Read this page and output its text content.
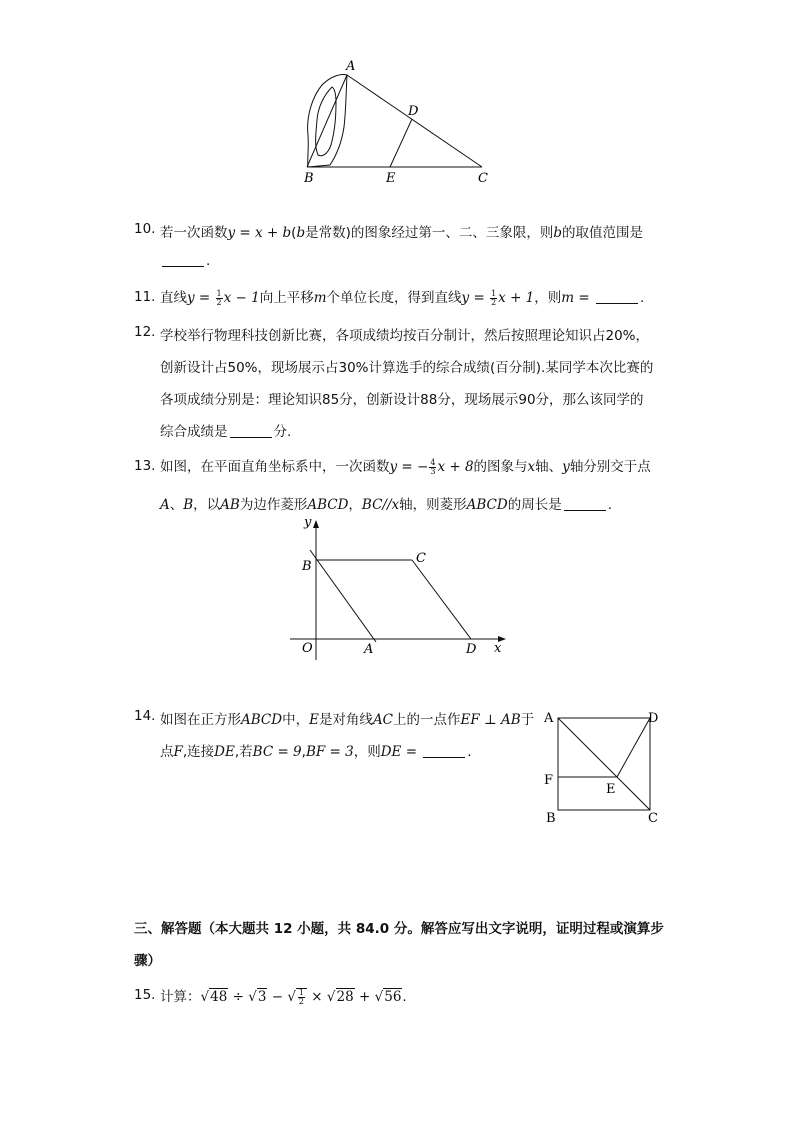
A
D
B	E	C
10. 若一次函数y = x + b(b是常数)的图象经过第一、二、三象限，则b的取值范围是
.
11. 直线$y = \frac{1}{2}$ x − 1向上平移m个单位长度，得到直线$y = \frac{1}{2}$ x + 1，则m =	.
12. 学校举行物理科技创新比赛，各项成绩均按百分制计，然后按照理论知识占20%，
创新设计占50%，现场展示占30%计算选手的综合成绩(百分制).某同学本次比赛的
各项成绩分别是：理论知识85分，创新设计88分，现场展示90分，那么该同学的
综合成绩是	分.
13. 如图，在平面直角坐标系中，一次函数y = − $\frac{4}{3}$ x + 8的图象与x轴、y轴分别交于点
A、B，以AB为边作菱形ABCD，BC//x轴，则菱形ABCD的周长是	.
y
x
O	A
B
C
D
14. 如图在正方形ABCD中，E是对角线AC上的一点作EF ⊥ AB于
点F,连接DE,若BC = 9,BF = 3，则DE =	.
A	D
F
E
B	C
三、解答题（本大题共 12 小题，共 84.0 分。解答应写出文字说明，证明过程或演算步
骤）
15. 计算：√48 ÷ √3 − √ $\frac{1}{2} \times √28 + √56$.
